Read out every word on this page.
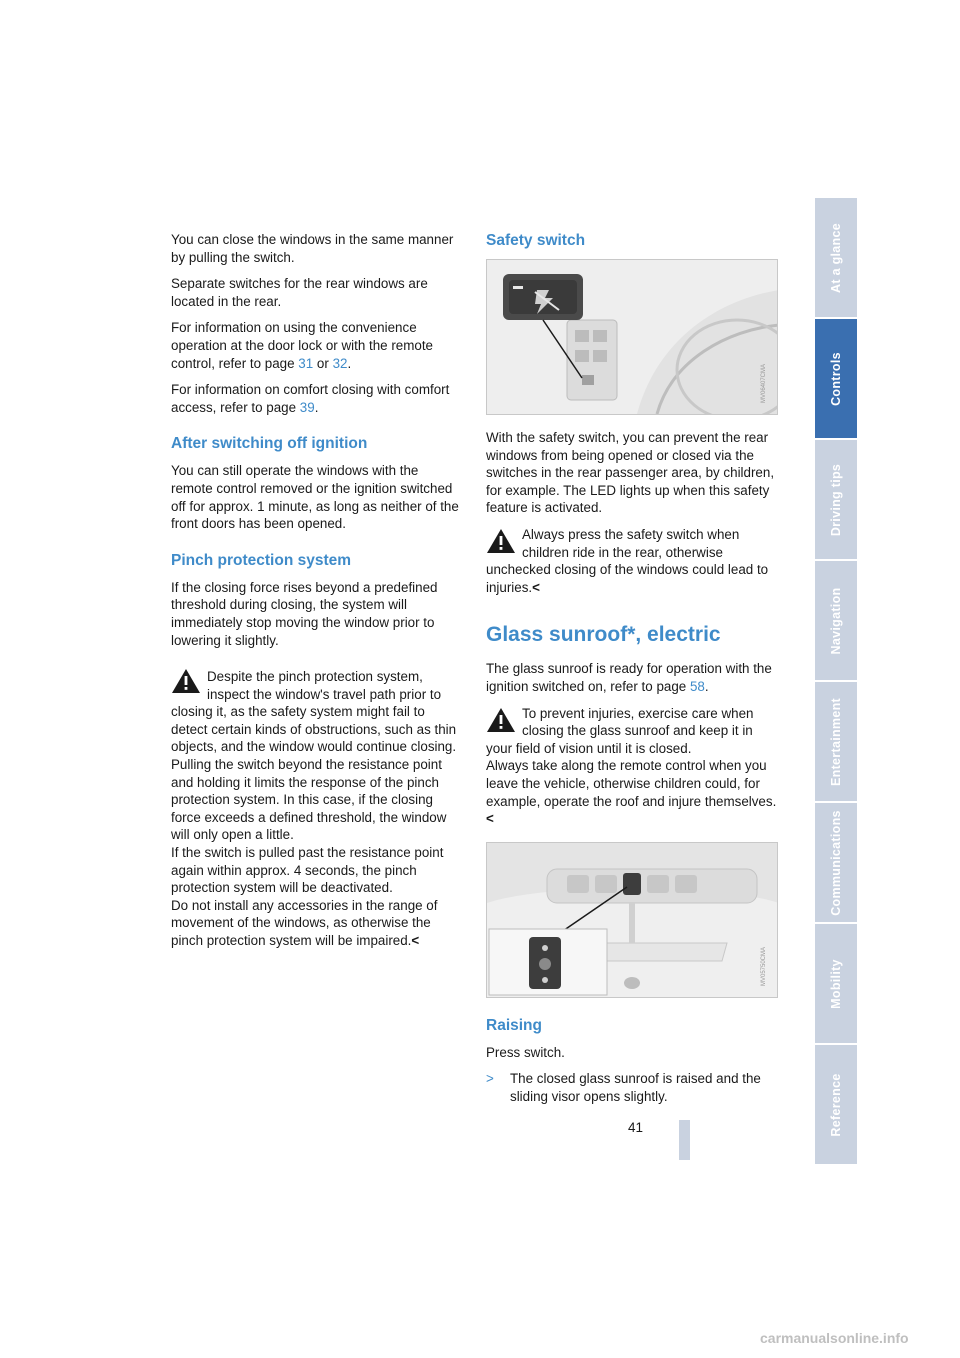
You can close the windows in the same manner by pulling the switch.

Separate switches for the rear windows are located in the rear.

For information on using the convenience operation at the door lock or with the remote control, refer to page 31 or 32.

For information on comfort closing with comfort access, refer to page 39.

After switching off ignition

You can still operate the windows with the remote control removed or the ignition switched off for approx. 1 minute, as long as neither of the front doors has been opened.

Pinch protection system

If the closing force rises beyond a predefined threshold during closing, the system will immediately stop moving the window prior to lowering it slightly.

Despite the pinch protection system, inspect the window's travel path prior to
closing it, as the safety system might fail to detect certain kinds of obstructions, such as thin objects, and the window would continue closing.
Pulling the switch beyond the resistance point and holding it limits the response of the pinch protection system. In this case, if the closing force exceeds a defined threshold, the window will only open a little.
If the switch is pulled past the resistance point again within approx. 4 seconds, the pinch protection system will be deactivated.
Do not install any accessories in the range of movement of the windows, as otherwise the pinch protection system will be impaired.<
Safety switch
MV06407CMA

With the safety switch, you can prevent the rear windows from being opened or closed via the switches in the rear passenger area, by children, for example. The LED lights up when this safety feature is activated.

Always press the safety switch when children ride in the rear, otherwise
unchecked closing of the windows could lead to injuries.<
Glass sunroof*, electric

The glass sunroof is ready for operation with the ignition switched on, refer to page 58.

To prevent injuries, exercise care when closing the glass sunroof and keep it in
your field of vision until it is closed.
Always take along the remote control when you leave the vehicle, otherwise children could, for example, operate the roof and injure themselves.<
MV05750CMA
Raising

Press switch.

> The closed glass sunroof is raised and the sliding visor opens slightly.

At a glance
Controls
Driving tips
Navigation
Entertainment
Communications
Mobility
Reference
41
carmanualsonline.info
